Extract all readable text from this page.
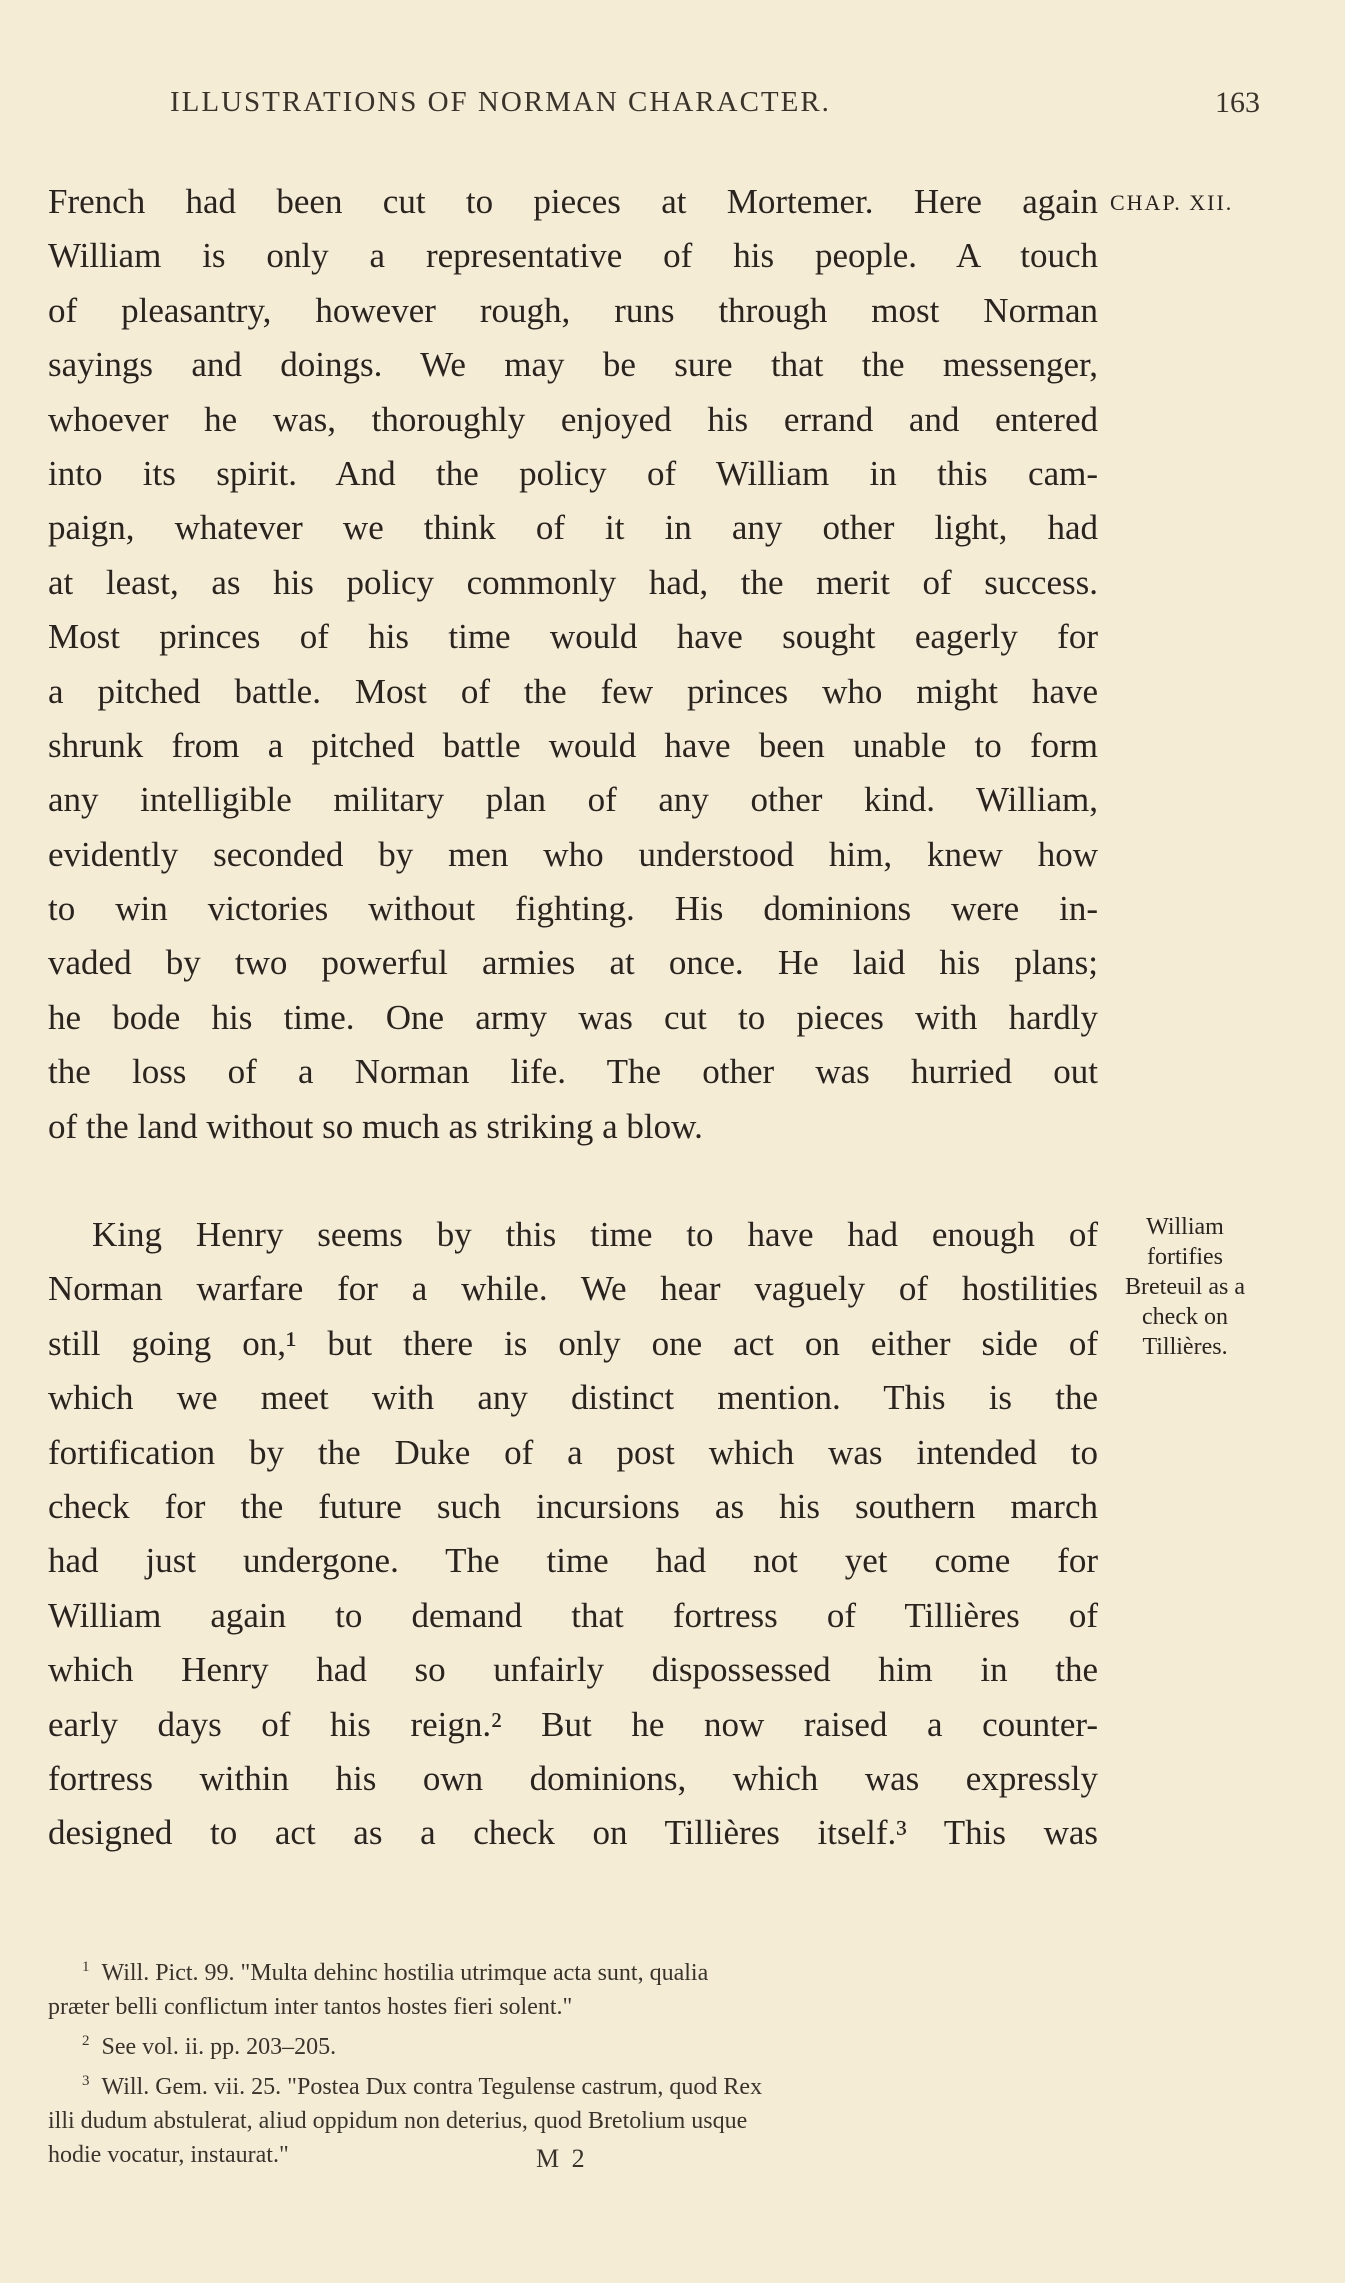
ILLUSTRATIONS OF NORMAN CHARACTER.	163
CHAP. XII.
William fortifies Breteuil as a check on Tillières.
French had been cut to pieces at Mortemer. Here again
William is only a representative of his people. A touch
of pleasantry, however rough, runs through most Norman
sayings and doings. We may be sure that the messenger,
whoever he was, thoroughly enjoyed his errand and entered
into its spirit. And the policy of William in this cam-
paign, whatever we think of it in any other light, had
at least, as his policy commonly had, the merit of success.
Most princes of his time would have sought eagerly for
a pitched battle. Most of the few princes who might have
shrunk from a pitched battle would have been unable to form
any intelligible military plan of any other kind. William,
evidently seconded by men who understood him, knew how
to win victories without fighting. His dominions were in-
vaded by two powerful armies at once. He laid his plans;
he bode his time. One army was cut to pieces with hardly
the loss of a Norman life. The other was hurried out
of the land without so much as striking a blow.
King Henry seems by this time to have had enough of
Norman warfare for a while. We hear vaguely of hostilities
still going on,¹ but there is only one act on either side of
which we meet with any distinct mention. This is the
fortification by the Duke of a post which was intended to
check for the future such incursions as his southern march
had just undergone. The time had not yet come for
William again to demand that fortress of Tillières of
which Henry had so unfairly dispossessed him in the
early days of his reign.² But he now raised a counter-
fortress within his own dominions, which was expressly
designed to act as a check on Tillières itself.³ This was
$^1$ Will. Pict. 99. "Multa dehinc hostilia utrimque acta sunt, qualia
præter belli conflictum inter tantos hostes fieri solent."
$^2$ See vol. ii. pp. 203–205.
$^3$ Will. Gem. vii. 25. "Postea Dux contra Tegulense castrum, quod Rex
illi dudum abstulerat, aliud oppidum non deterius, quod Bretolium usque
hodie vocatur, instaurat."	M 2
